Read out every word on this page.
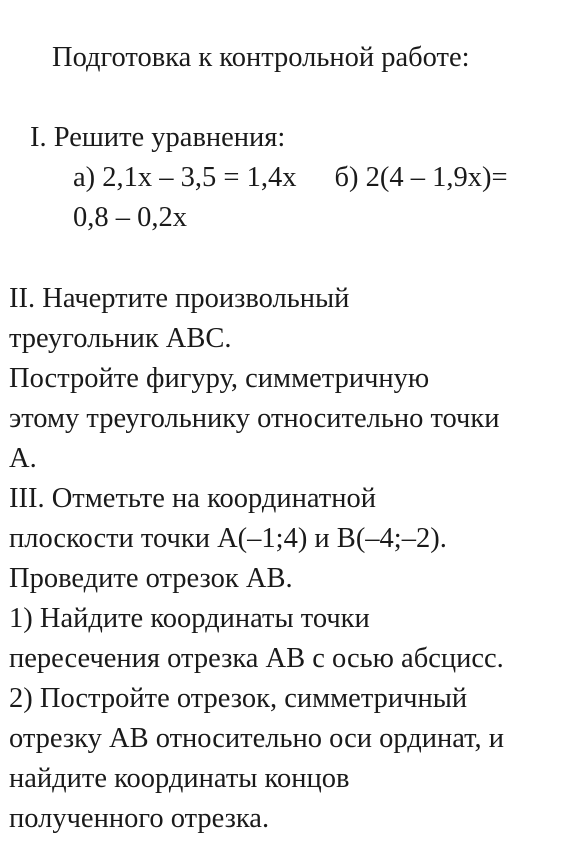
Подготовка к контрольной работе:
I. Решите уравнения:
а) 2,1x – 3,5 = 1,4x б) 2(4 – 1,9x)=
0,8 – 0,2x
II. Начертите произвольный
треугольник ABC.
Постройте фигуру, симметричную
этому треугольнику относительно точки
A.
III. Отметьте на координатной
плоскости точки A(–1;4) и B(–4;–2).
Проведите отрезок AB.
1) Найдите координаты точки
пересечения отрезка AB с осью абсцисс.
2) Постройте отрезок, симметричный
отрезку AB относительно оси ординат, и
найдите координаты концов
полученного отрезка.
